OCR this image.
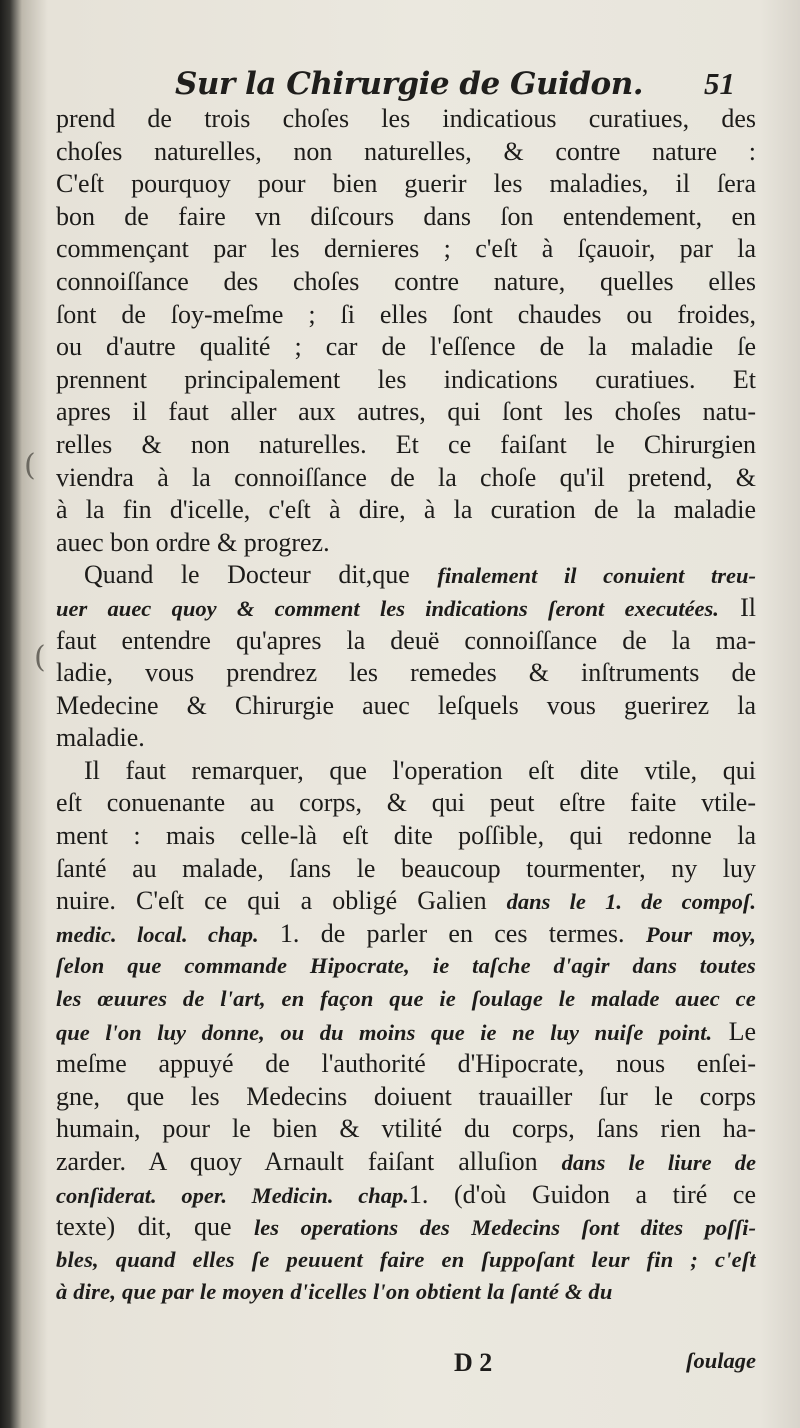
Sur la Chirurgie de Guidon. 51
prend de trois choſes les indicatious curatiues, des
choſes naturelles, non naturelles, & contre nature :
C'eſt pourquoy pour bien guerir les maladies, il ſera
bon de faire vn diſcours dans ſon entendement, en
commençant par les dernieres ; c'eſt à ſçauoir, par la
connoiſſance des choſes contre nature, quelles elles
ſont de ſoy-meſme ; ſi elles ſont chaudes ou froides,
ou d'autre qualité ; car de l'eſſence de la maladie ſe
prennent principalement les indications curatiues. Et
apres il faut aller aux autres, qui ſont les choſes natu-
relles & non naturelles. Et ce faiſant le Chirurgien
viendra à la connoiſſance de la choſe qu'il pretend, &
à la fin d'icelle, c'eſt à dire, à la curation de la maladie
auec bon ordre & progrez.
Quand le Docteur dit,que finalement il conuient treu-
uer auec quoy & comment les indications ſeront executées. Il
faut entendre qu'apres la deuë connoiſſance de la ma-
ladie, vous prendrez les remedes & inſtruments de
Medecine & Chirurgie auec leſquels vous guerirez la
maladie.
Il faut remarquer, que l'operation eſt dite vtile, qui
eſt conuenante au corps, & qui peut eſtre faite vtile-
ment : mais celle-là eſt dite poſſible, qui redonne la
ſanté au malade, ſans le beaucoup tourmenter, ny luy
nuire. C'eſt ce qui a obligé Galien dans le 1. de compoſ.
medic. local. chap. 1. de parler en ces termes. Pour moy,
ſelon que commande Hipocrate, ie taſche d'agir dans toutes
les œuures de l'art, en façon que ie ſoulage le malade auec ce
que l'on luy donne, ou du moins que ie ne luy nuiſe point. Le
meſme appuyé de l'authorité d'Hipocrate, nous enſei-
gne, que les Medecins doiuent trauailler ſur le corps
humain, pour le bien & vtilité du corps, ſans rien ha-
zarder. A quoy Arnault faiſant alluſion dans le liure de
conſiderat. oper. Medicin. chap.1. (d'où Guidon a tiré ce
texte) dit, que les operations des Medecins ſont dites poſſi-
bles, quand elles ſe peuuent faire en ſuppoſant leur fin ; c'eſt
à dire, que par le moyen d'icelles l'on obtient la ſanté & du
D 2	ſoulage
(
(
